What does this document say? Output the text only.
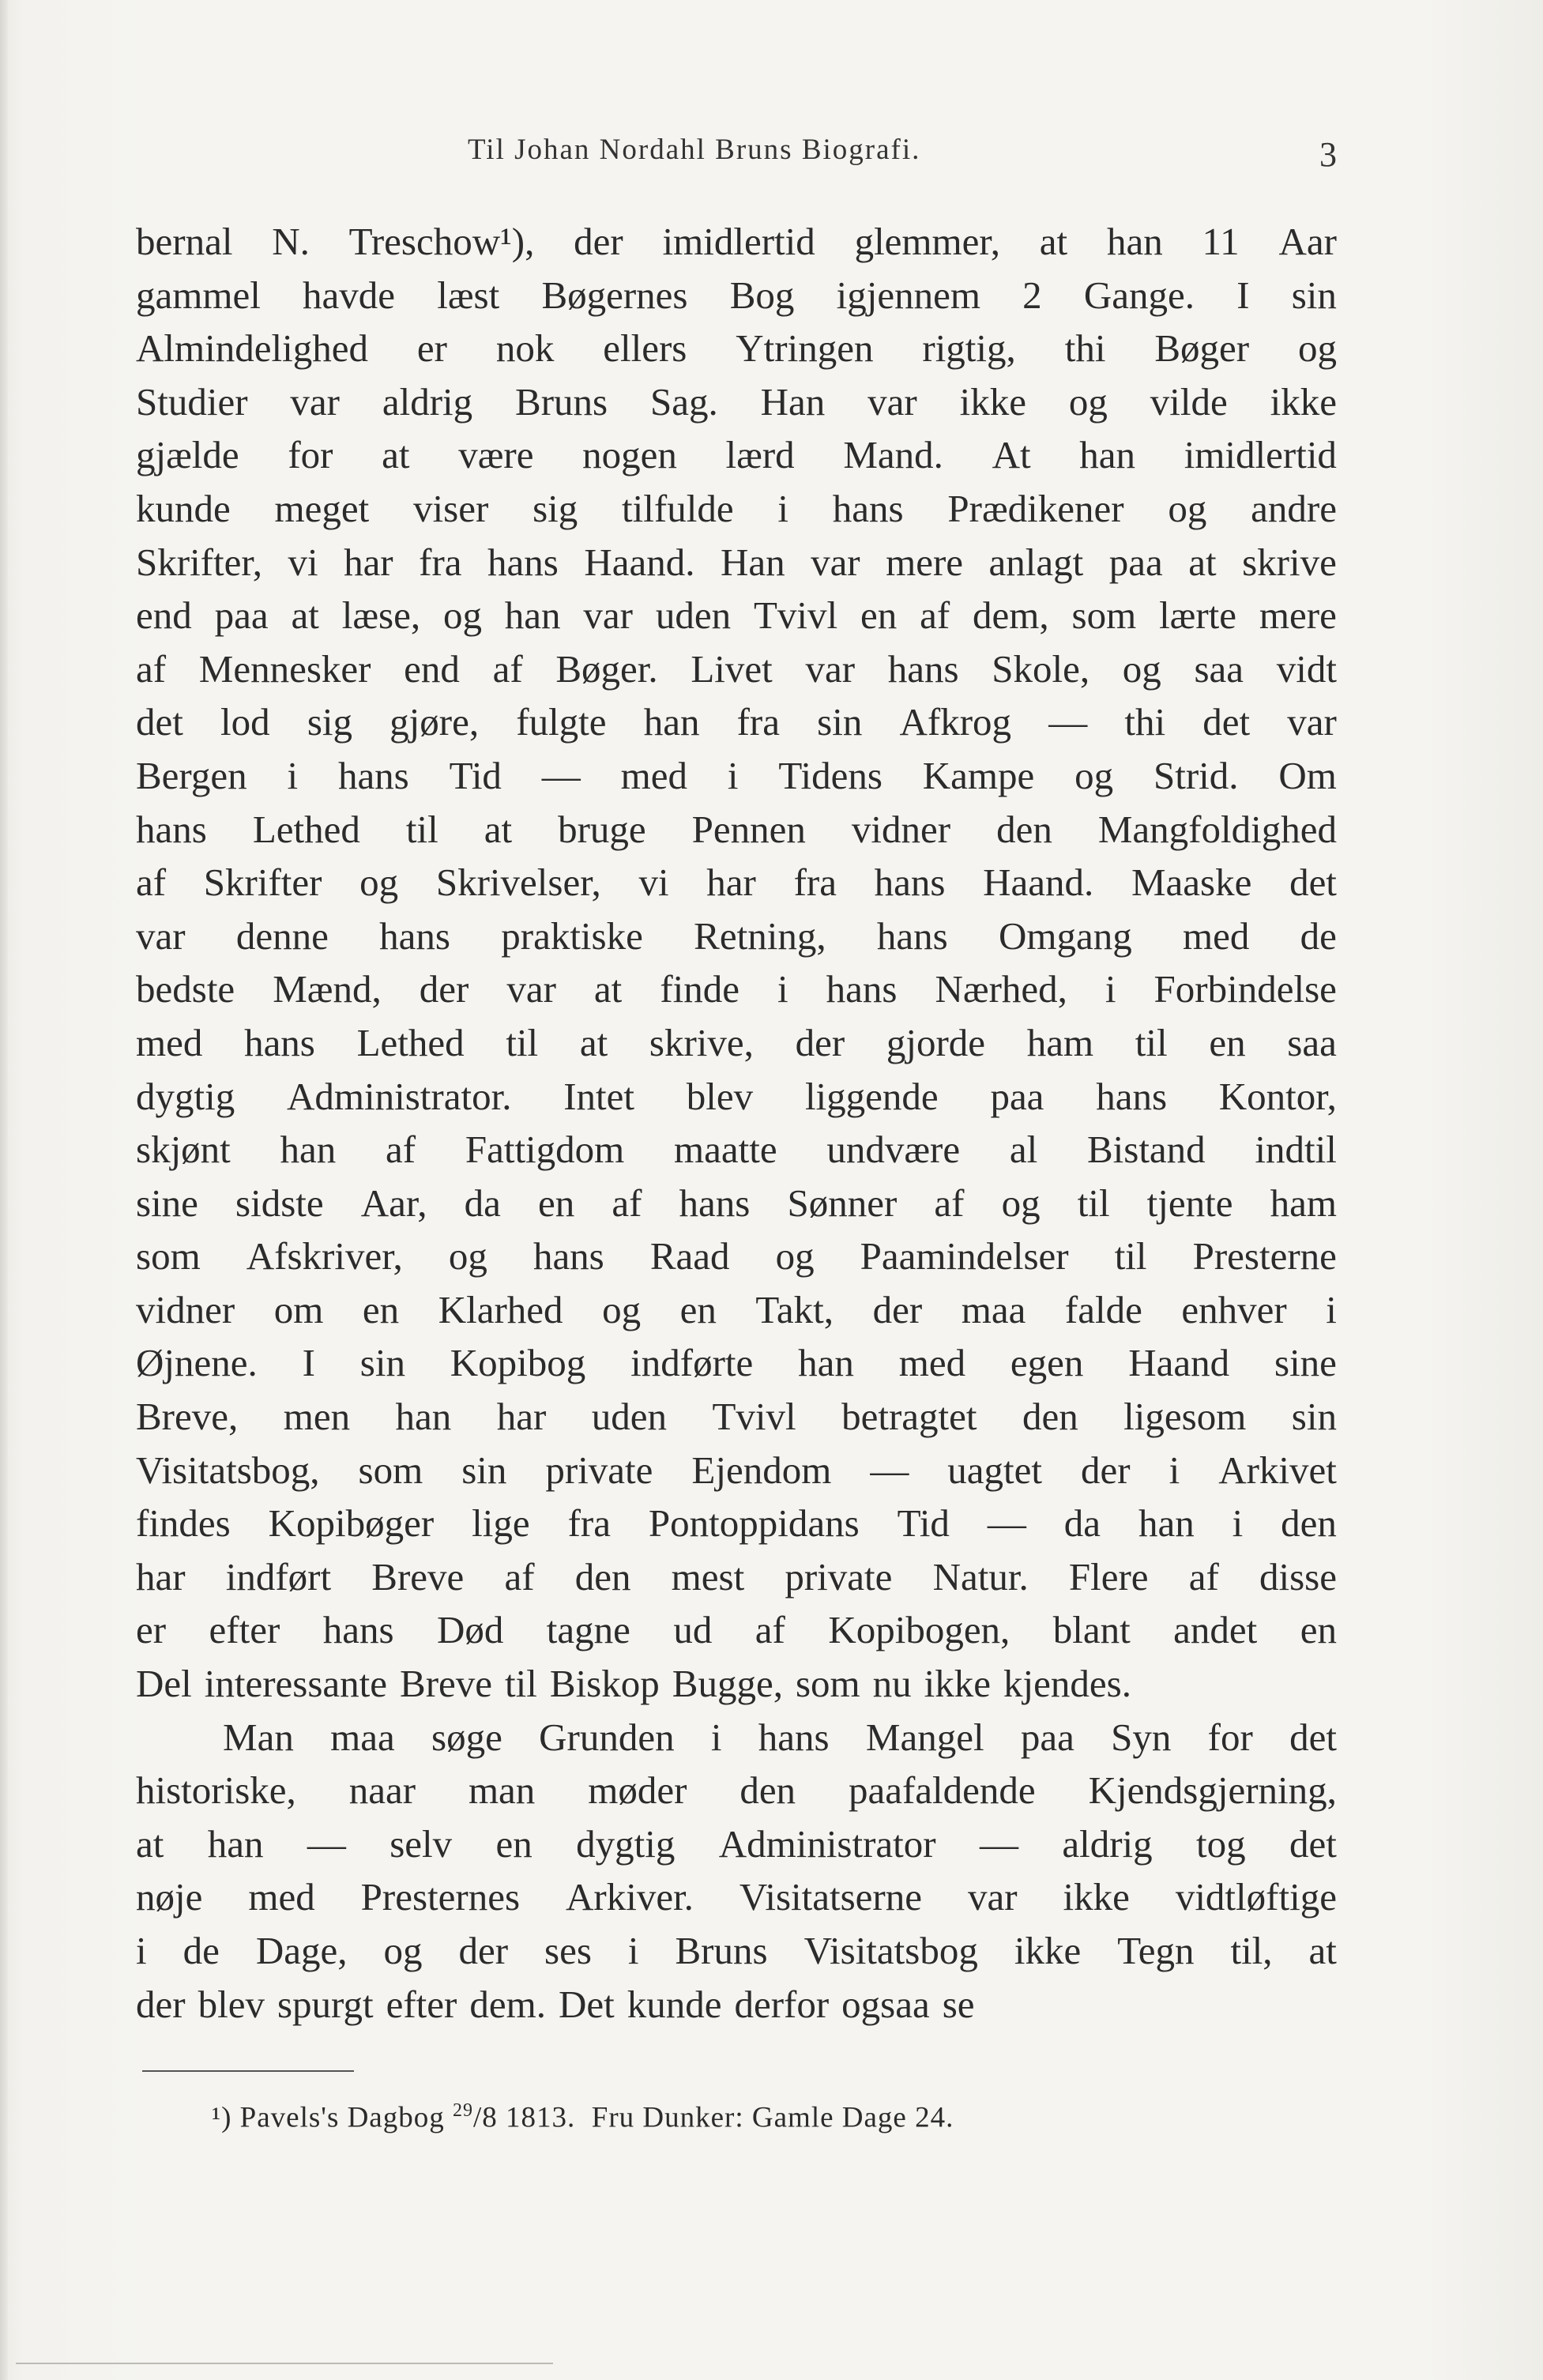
Til Johan Nordahl Bruns Biografi.	3
bernal N. Treschow¹), der imidlertid glemmer, at han 11 Aar
gammel havde læst Bøgernes Bog igjennem 2 Gange. I sin
Almindelighed er nok ellers Ytringen rigtig, thi Bøger og
Studier var aldrig Bruns Sag. Han var ikke og vilde ikke
gjælde for at være nogen lærd Mand. At han imidlertid
kunde meget viser sig tilfulde i hans Prædikener og andre
Skrifter, vi har fra hans Haand. Han var mere anlagt paa at skrive
end paa at læse, og han var uden Tvivl en af dem, som lærte mere
af Mennesker end af Bøger. Livet var hans Skole, og saa vidt
det lod sig gjøre, fulgte han fra sin Afkrog — thi det var
Bergen i hans Tid — med i Tidens Kampe og Strid. Om
hans Lethed til at bruge Pennen vidner den Mangfoldighed
af Skrifter og Skrivelser, vi har fra hans Haand. Maaske det
var denne hans praktiske Retning, hans Omgang med de
bedste Mænd, der var at finde i hans Nærhed, i Forbindelse
med hans Lethed til at skrive, der gjorde ham til en saa
dygtig Administrator. Intet blev liggende paa hans Kontor,
skjønt han af Fattigdom maatte undvære al Bistand indtil
sine sidste Aar, da en af hans Sønner af og til tjente ham
som Afskriver, og hans Raad og Paamindelser til Presterne
vidner om en Klarhed og en Takt, der maa falde enhver i
Øjnene. I sin Kopibog indførte han med egen Haand sine
Breve, men han har uden Tvivl betragtet den ligesom sin
Visitatsbog, som sin private Ejendom — uagtet der i Arkivet
findes Kopibøger lige fra Pontoppidans Tid — da han i den
har indført Breve af den mest private Natur. Flere af disse
er efter hans Død tagne ud af Kopibogen, blant andet en
Del interessante Breve til Biskop Bugge, som nu ikke kjendes.
Man maa søge Grunden i hans Mangel paa Syn for det
historiske, naar man møder den paafaldende Kjendsgjerning,
at han — selv en dygtig Administrator — aldrig tog det
nøje med Presternes Arkiver. Visitatserne var ikke vidtløftige
i de Dage, og der ses i Bruns Visitatsbog ikke Tegn til, at
der blev spurgt efter dem. Det kunde derfor ogsaa se
¹) Pavels's Dagbog $^{29}$/8 1813.  Fru Dunker: Gamle Dage 24.
